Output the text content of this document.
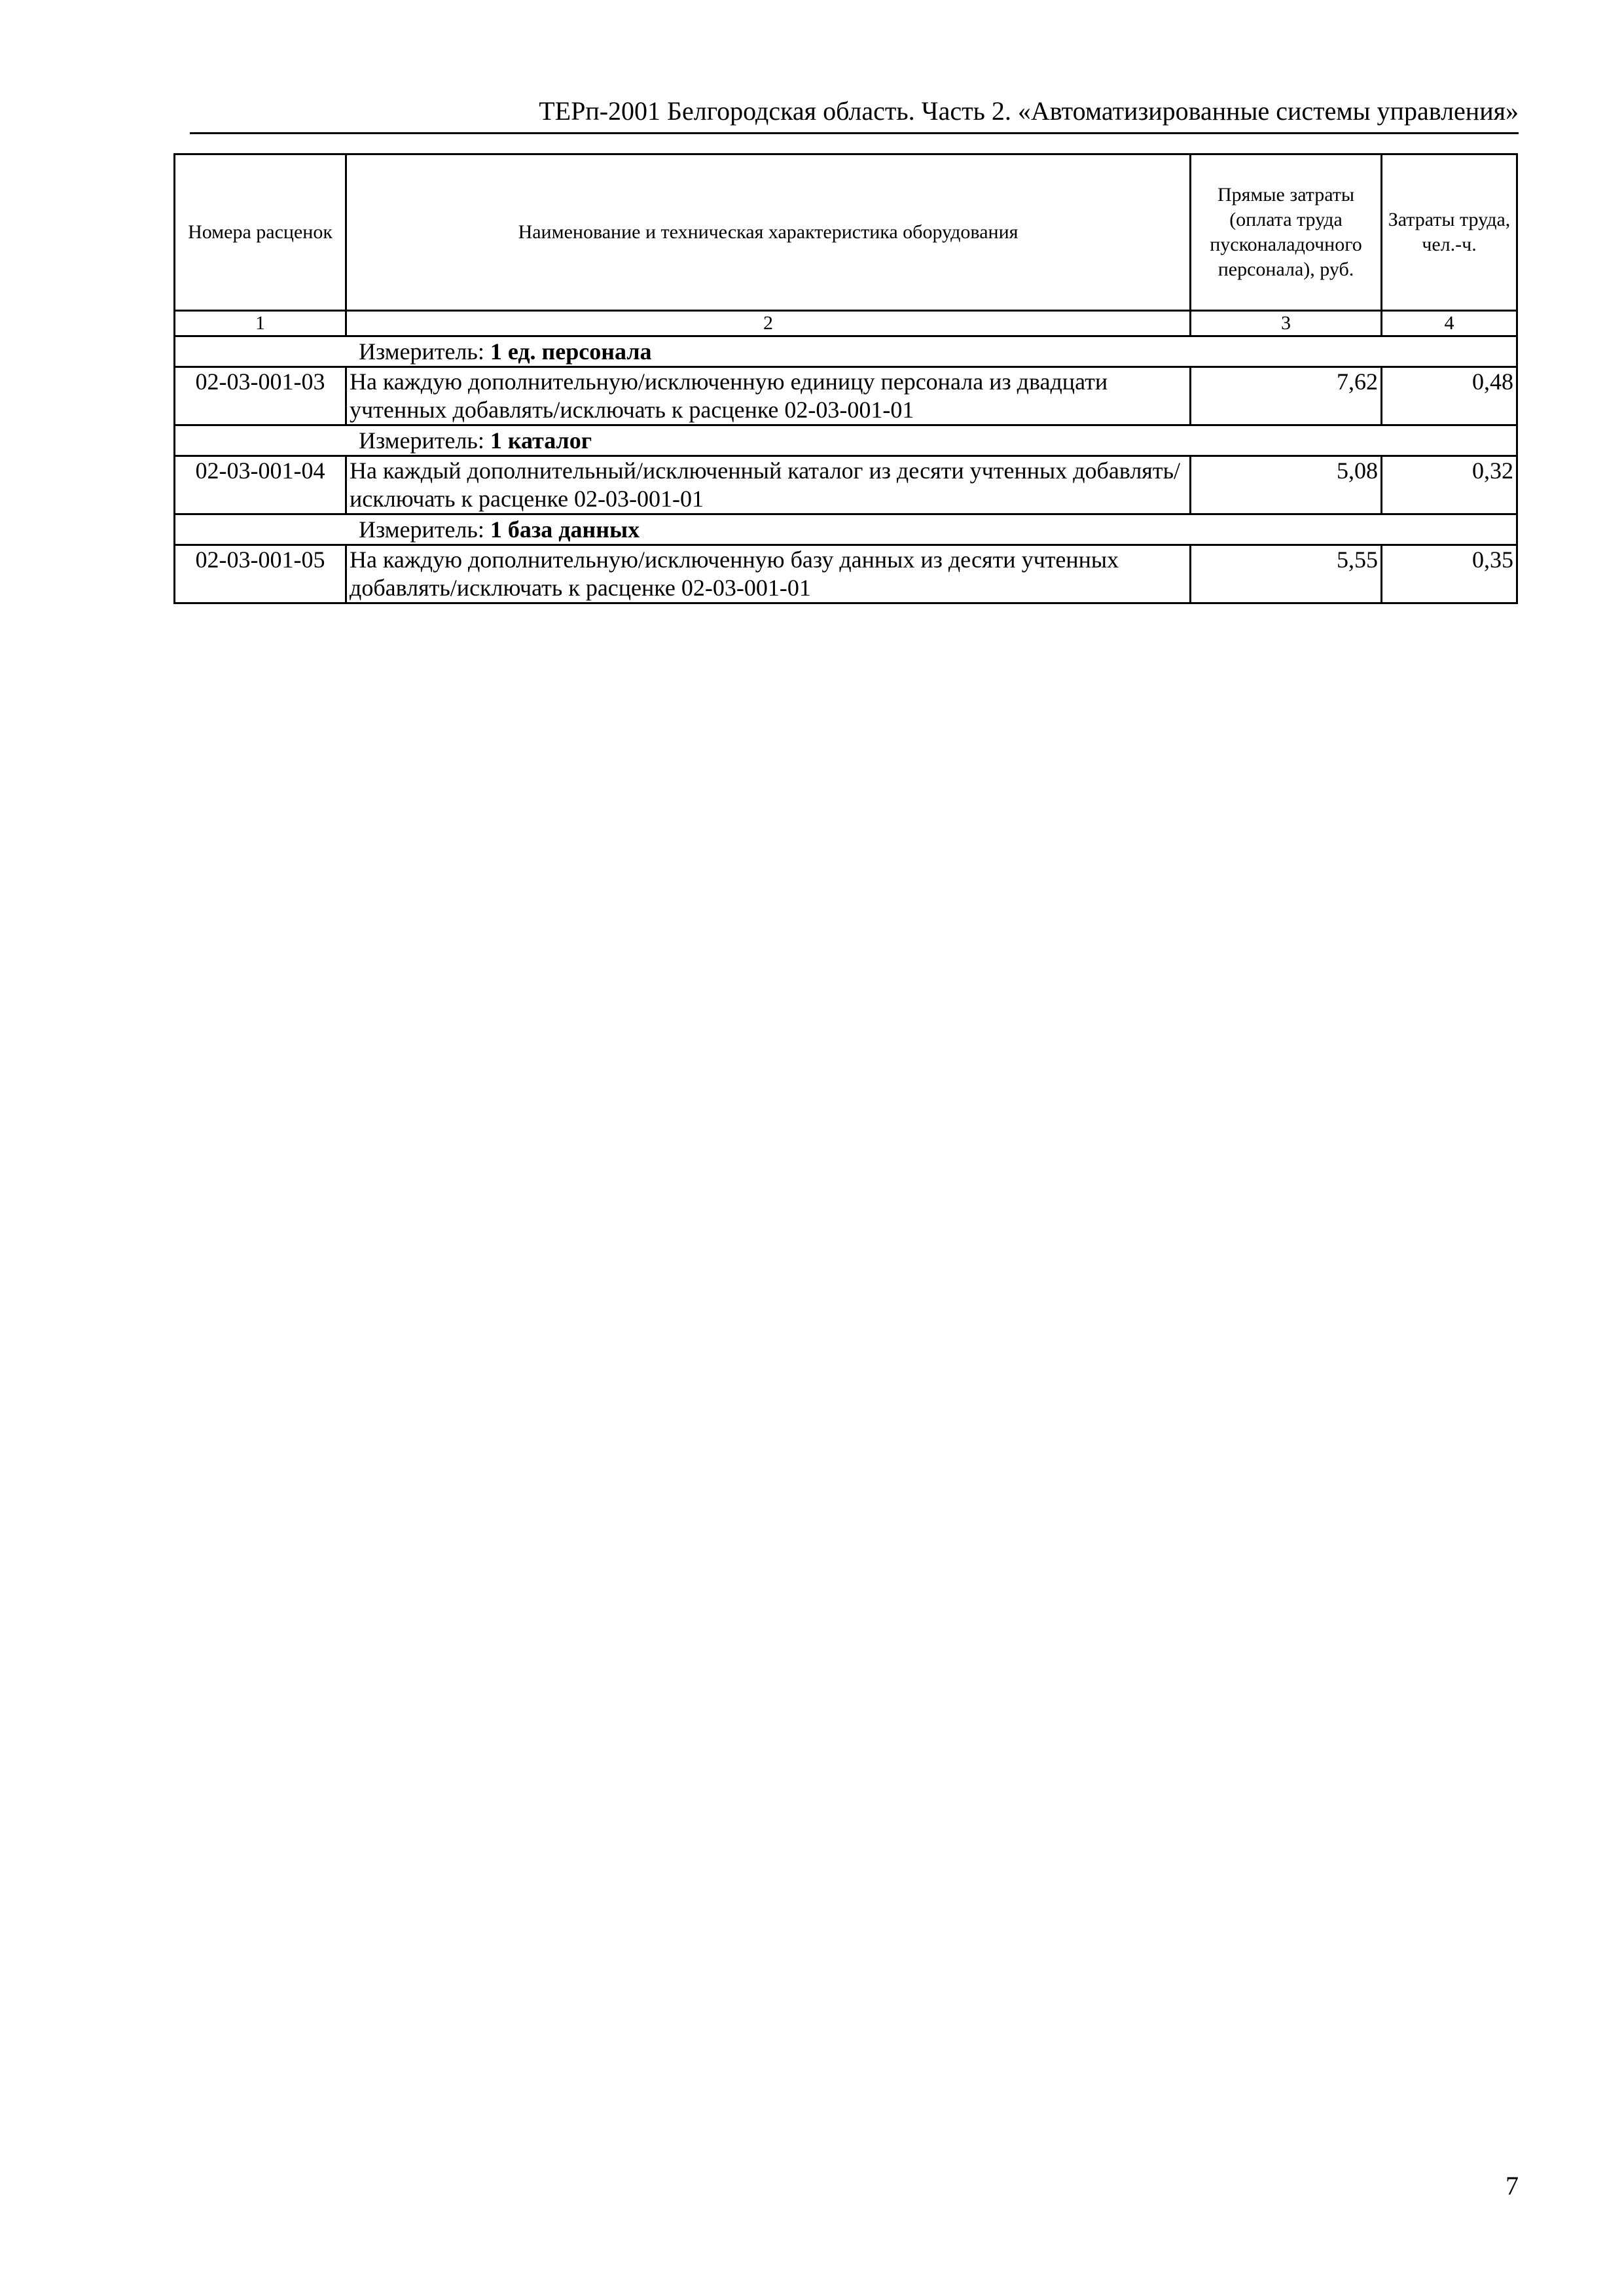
ТЕРп-2001 Белгородская область. Часть 2. «Автоматизированные системы управления»
Номера расценок	Наименование и техническая характеристика оборудования	Прямые затраты (оплата труда пусконаладочного персонала), руб.	Затраты труда, чел.-ч.
1	2	3	4
Измеритель: 1 ед. персонала			
02-03-001-03	На каждую дополнительную/исключенную единицу персонала из двадцати учтенных добавлять/исключать к расценке 02-03-001-01	7,62	0,48
Измеритель: 1 каталог			
02-03-001-04	На каждый дополнительный/исключенный каталог из десяти учтенных добавлять/исключать к расценке 02-03-001-01	5,08	0,32
Измеритель: 1 база данных			
02-03-001-05	На каждую дополнительную/исключенную базу данных из десяти учтенных добавлять/исключать к расценке 02-03-001-01	5,55	0,35
7
